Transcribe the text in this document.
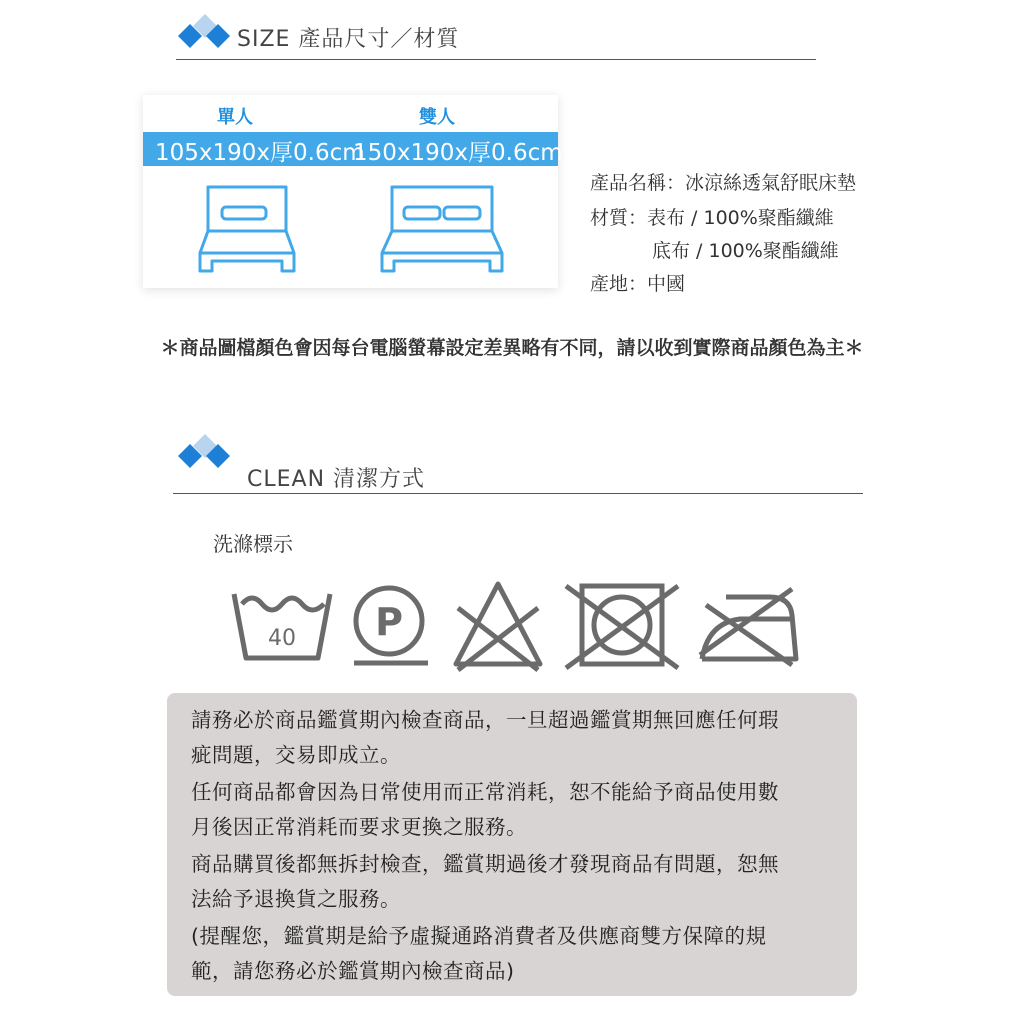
SIZE 產品尺寸／材質
單人	雙人
105x190x厚0.6cm
150x190x厚0.6cm
產品名稱：冰涼絲透氣舒眠床墊
材質：表布 / 100%聚酯纖維
底布 / 100%聚酯纖維
產地：中國
＊商品圖檔顏色會因每台電腦螢幕設定差異略有不同，請以收到實際商品顏色為主＊
CLEAN 清潔方式
洗滌標示
40 P
請務必於商品鑑賞期內檢查商品，一旦超過鑑賞期無回應任何瑕
疵問題，交易即成立。
任何商品都會因為日常使用而正常消耗，恕不能給予商品使用數
月後因正常消耗而要求更換之服務。
商品購買後都無拆封檢查，鑑賞期過後才發現商品有問題，恕無
法給予退換貨之服務。
(提醒您，鑑賞期是給予虛擬通路消費者及供應商雙方保障的規
範，請您務必於鑑賞期內檢查商品)
